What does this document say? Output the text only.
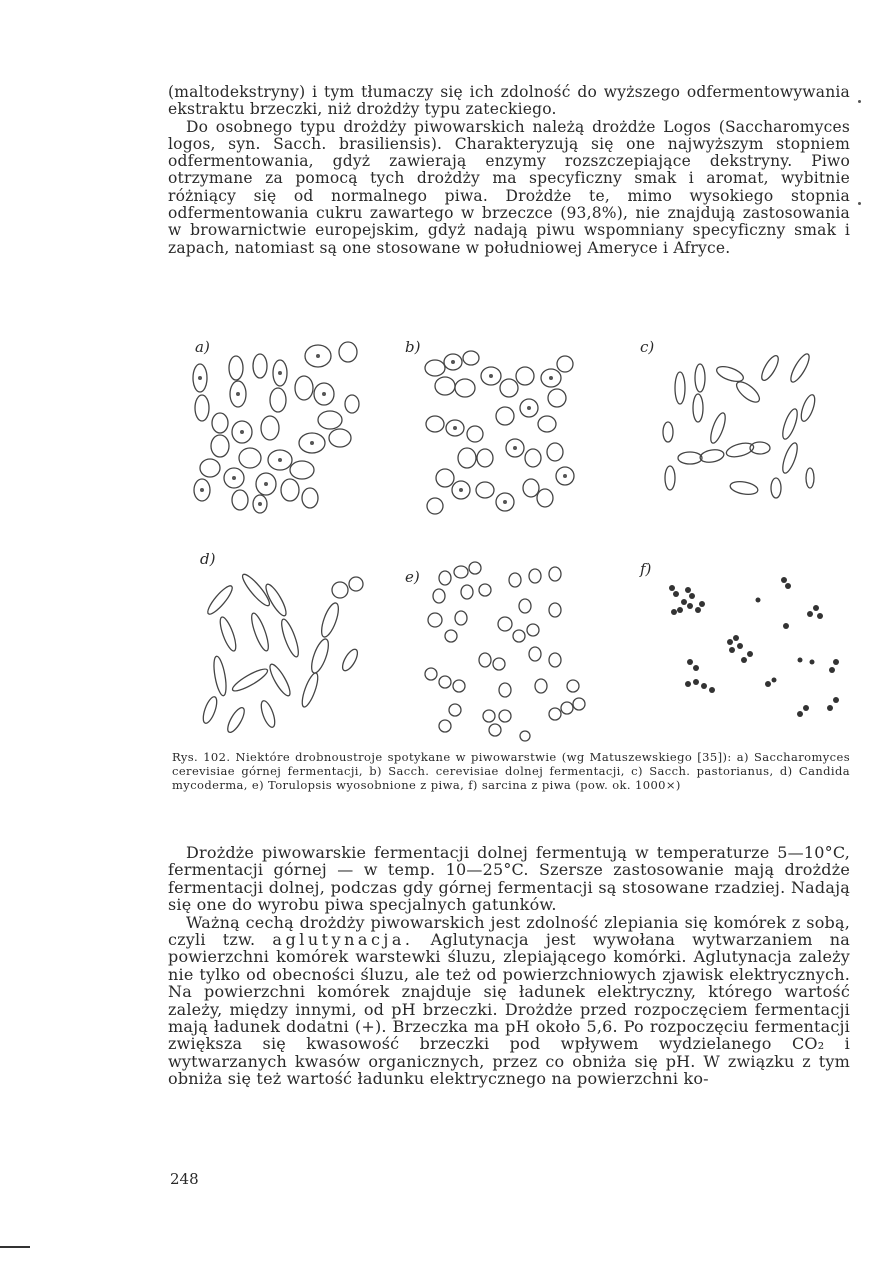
(maltodekstryny) i tym tłumaczy się ich zdolność do wyższego odfermentowywania ekstraktu brzeczki, niż drożdży typu zateckiego.

Do osobnego typu drożdży piwowarskich należą drożdże Logos (Saccharomyces logos, syn. Sacch. brasiliensis). Charakteryzują się one najwyższym stopniem odfermentowania, gdyż zawierają enzymy rozszczepiające dekstryny. Piwo otrzymane za pomocą tych drożdży ma specyficzny smak i aromat, wybitnie różniący się od normalnego piwa. Drożdże te, mimo wysokiego stopnia odfermentowania cukru zawartego w brzeczce (93,8%), nie znajdują zastosowania w browarnictwie europejskim, gdyż nadają piwu wspomniany specyficzny smak i zapach, natomiast są one stosowane w południowej Ameryce i Afryce.

a)	b)	c)
d)
e)	f)
Rys. 102. Niektóre drobnoustroje spotykane w piwowarstwie (wg Matuszewskiego [35]): a) Saccharomyces cerevisiae górnej fermentacji, b) Sacch. cerevisiae dolnej fermentacji, c) Sacch. pastorianus, d) Candida mycoderma, e) Torulopsis wyosobnione z piwa, f) sarcina z piwa (pow. ok. 1000×)

Drożdże piwowarskie fermentacji dolnej fermentują w temperaturze 5—10°C, fermentacji górnej — w temp. 10—25°C. Szersze zastosowanie mają drożdże fermentacji dolnej, podczas gdy górnej fermentacji są stosowane rzadziej. Nadają się one do wyrobu piwa specjalnych gatunków.

Ważną cechą drożdży piwowarskich jest zdolność zlepiania się komórek z sobą, czyli tzw. aglutynacja. Aglutynacja jest wywołana wytwarzaniem na powierzchni komórek warstewki śluzu, zlepiającego komórki. Aglutynacja zależy nie tylko od obecności śluzu, ale też od powierzchniowych zjawisk elektrycznych. Na powierzchni komórek znajduje się ładunek elektryczny, którego wartość zależy, między innymi, od pH brzeczki. Drożdże przed rozpoczęciem fermentacji mają ładunek dodatni (+). Brzeczka ma pH około 5,6. Po rozpoczęciu fermentacji zwiększa się kwasowość brzeczki pod wpływem wydzielanego CO₂ i wytwarzanych kwasów organicznych, przez co obniża się pH. W związku z tym obniża się też wartość ładunku elektrycznego na powierzchni ko-

248
